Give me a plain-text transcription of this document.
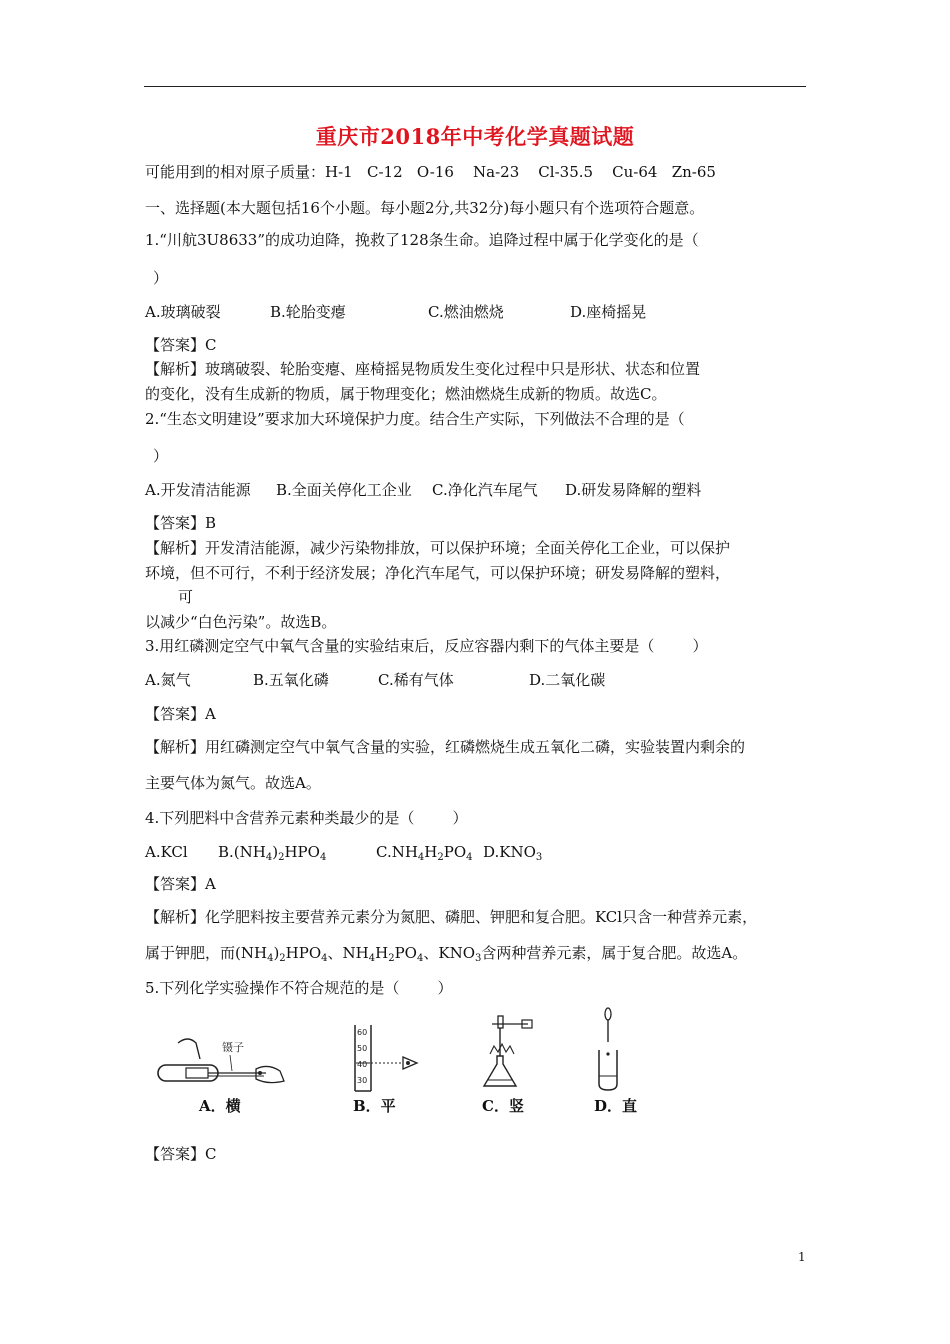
重庆市2018年中考化学真题试题
可能用到的相对原子质量：H-1   C-12   O-16    Na-23    Cl-35.5    Cu-64   Zn-65
一、选择题(本大题包括16个小题。每小题2分,共32分)每小题只有个选项符合题意。
1.“川航3U8633”的成功迫降，挽救了128条生命。追降过程中属于化学变化的是（
）

A.玻璃破裂

	B.轮胎变瘪

	C.燃油燃烧

	D.座椅摇晃

【答案】C
【解析】玻璃破裂、轮胎变瘪、座椅摇晃物质发生变化过程中只是形状、状态和位置
的变化，没有生成新的物质，属于物理变化；燃油燃烧生成新的物质。故选C。
2.“生态文明建设”要求加大环境保护力度。结合生产实际，下列做法不合理的是（
）

A.开发清洁能源

B.全面关停化工企业

C.净化汽车尾气

D.研发易降解的塑料

【答案】B
【解析】开发清洁能源，减少污染物排放，可以保护环境；全面关停化工企业，可以保护
环境，但不可行，不利于经济发展；净化汽车尾气，可以保护环境；研发易降解的塑料，
可
以减少“白色污染”。故选B。
3.用红磷测定空气中氧气含量的实验结束后，反应容器内剩下的气体主要是（        ）

A.氮气

	B.五氧化磷

	C.稀有气体

	D.二氧化碳

【答案】A
【解析】用红磷测定空气中氧气含量的实验，红磷燃烧生成五氧化二磷，实验装置内剩余的
主要气体为氮气。故选A。
4.下列肥料中含营养元素种类最少的是（        ）

A.KCl

$B.(NH_4)_2HPO_4$

	$C.NH_4H_2PO_4$

$D.KNO_3$

【答案】A
【解析】化学肥料按主要营养元素分为氮肥、磷肥、钾肥和复合肥。KCl只含一种营养元素，
属于钾肥，而$(NH_4)_2HPO_4$、$NH_4H_2PO_4$、$KNO_3$含两种营养元素，属于复合肥。故选A。
5.下列化学实验操作不符合规范的是（        ）
镊子
60
50
40
30
A．横	B．平	C．竖	D．直
【答案】C
1
